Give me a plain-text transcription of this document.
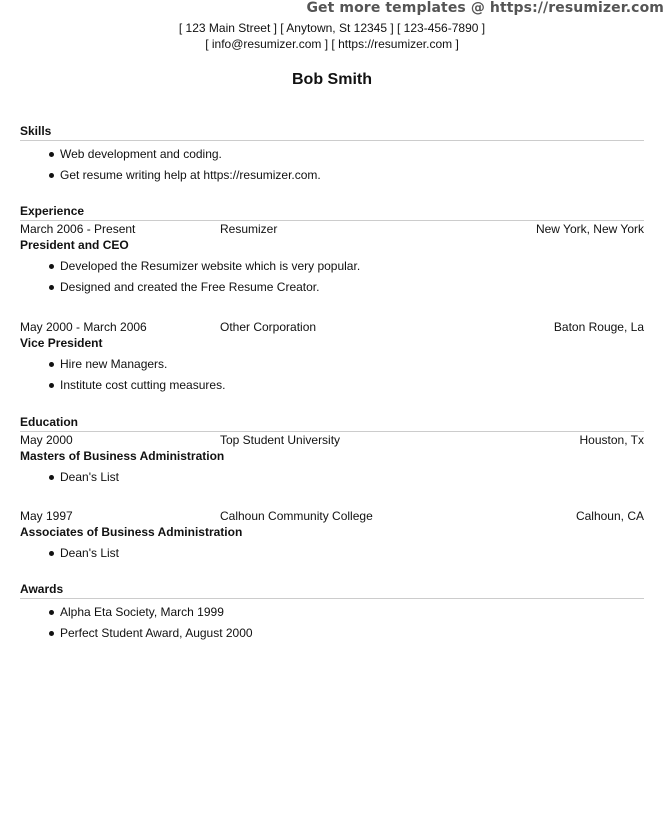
Get more templates @ https://resumizer.com
[ 123 Main Street ] [ Anytown, St 12345 ] [ 123-456-7890 ]
[ info@resumizer.com ] [ https://resumizer.com ]
Bob Smith
Skills
Web development and coding.
Get resume writing help at https://resumizer.com.
Experience
March 2006 - Present	Resumizer	New York, New York
President and CEO
Developed the Resumizer website which is very popular.
Designed and created the Free Resume Creator.
May 2000 - March 2006	Other Corporation	Baton Rouge, La
Vice President
Hire new Managers.
Institute cost cutting measures.
Education
May 2000	Top Student University	Houston, Tx
Masters of Business Administration
Dean's List
May 1997	Calhoun Community College	Calhoun, CA
Associates of Business Administration
Dean's List
Awards
Alpha Eta Society, March 1999
Perfect Student Award, August 2000
